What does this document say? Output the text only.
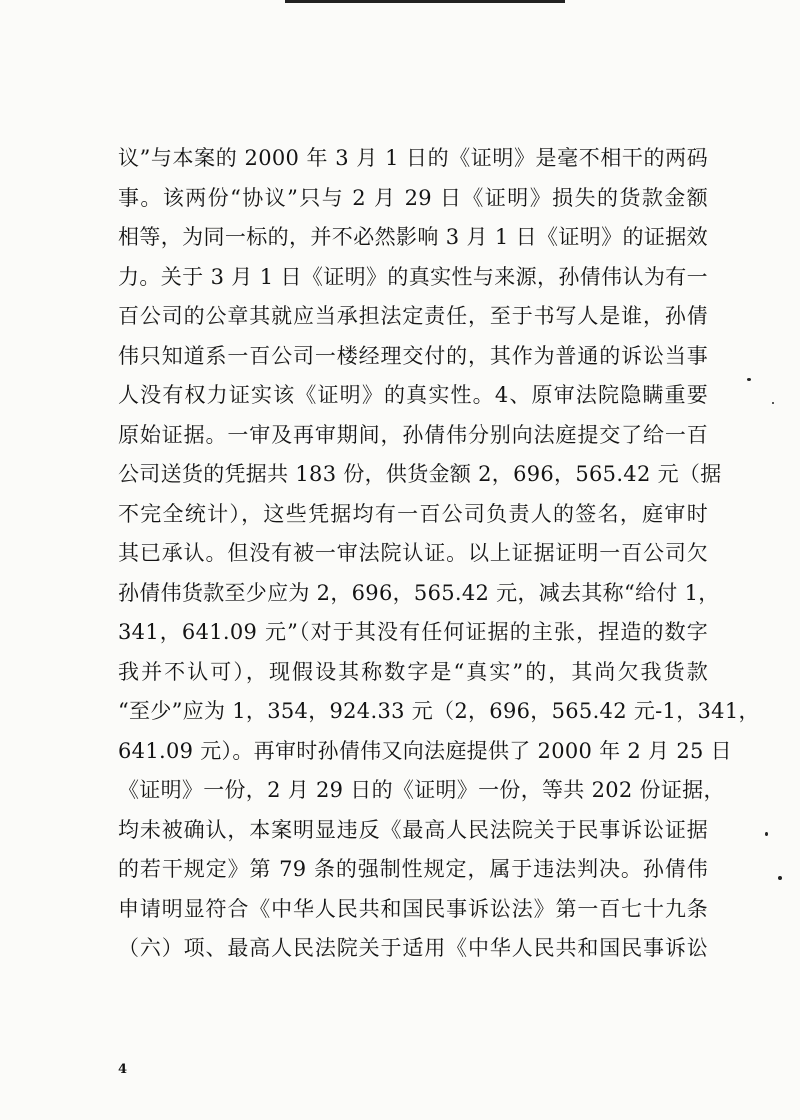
议”与本案的 2000 年 3 月 1 日的《证明》是毫不相干的两码
事。该两份“协议”只与 2 月 29 日《证明》损失的货款金额
相等，为同一标的，并不必然影响 3 月 1 日《证明》的证据效
力。关于 3 月 1 日《证明》的真实性与来源，孙倩伟认为有一
百公司的公章其就应当承担法定责任，至于书写人是谁，孙倩
伟只知道系一百公司一楼经理交付的，其作为普通的诉讼当事
人没有权力证实该《证明》的真实性。4、原审法院隐瞒重要
原始证据。一审及再审期间，孙倩伟分别向法庭提交了给一百
公司送货的凭据共 183 份，供货金额 2，696，565.42 元（据
不完全统计），这些凭据均有一百公司负责人的签名，庭审时
其已承认。但没有被一审法院认证。以上证据证明一百公司欠
孙倩伟货款至少应为 2，696，565.42 元，减去其称“给付 1，
341，641.09 元”（对于其没有任何证据的主张，捏造的数字
我并不认可），现假设其称数字是“真实”的，其尚欠我货款
“至少”应为 1，354，924.33 元（2，696，565.42 元-1，341，
641.09 元）。再审时孙倩伟又向法庭提供了 2000 年 2 月 25 日
《证明》一份，2 月 29 日的《证明》一份，等共 202 份证据，
均未被确认，本案明显违反《最高人民法院关于民事诉讼证据
的若干规定》第 79 条的强制性规定，属于违法判决。孙倩伟
申请明显符合《中华人民共和国民事诉讼法》第一百七十九条
（六）项、最高人民法院关于适用《中华人民共和国民事诉讼
4
